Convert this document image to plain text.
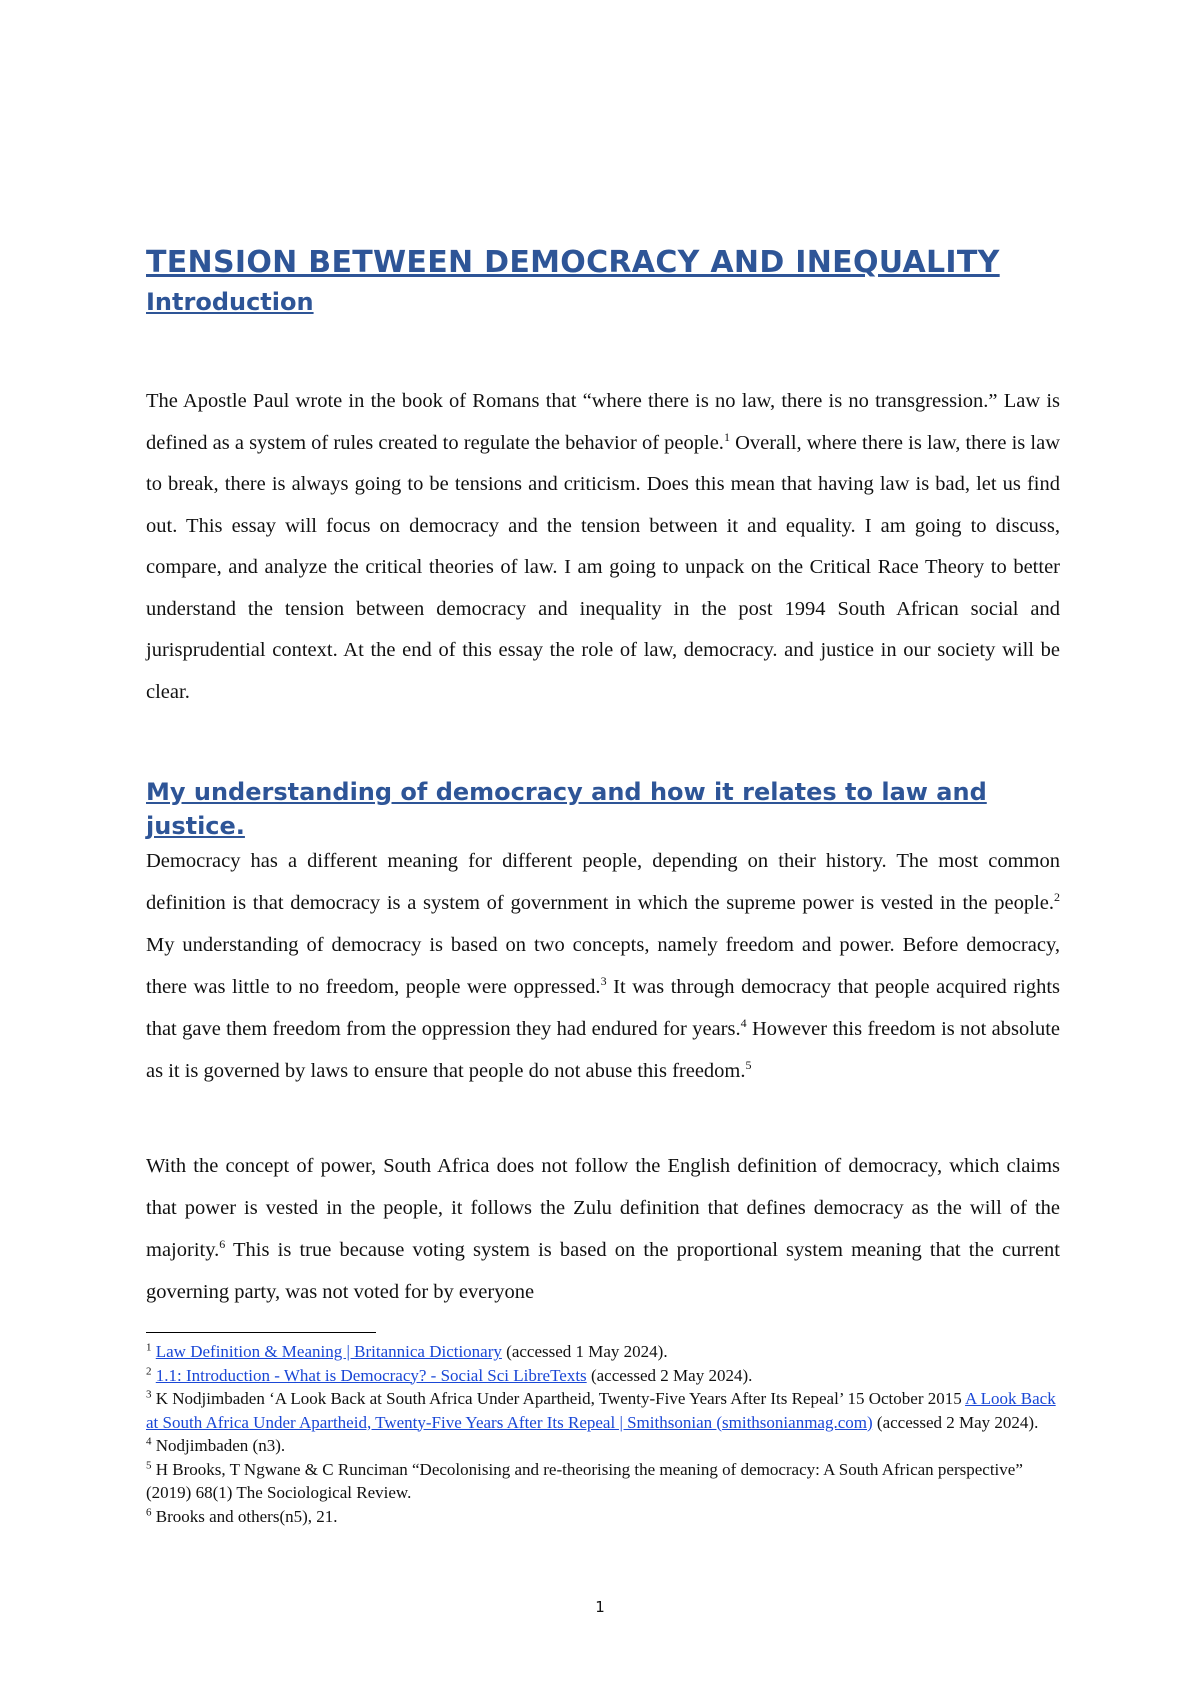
TENSION BETWEEN DEMOCRACY AND INEQUALITY
Introduction

The Apostle Paul wrote in the book of Romans that “where there is no law, there is no transgression.” Law is defined as a system of rules created to regulate the behavior of people.$^1$ Overall, where there is law, there is law to break, there is always going to be tensions and criticism. Does this mean that having law is bad, let us find out. This essay will focus on democracy and the tension between it and equality. I am going to discuss, compare, and analyze the critical theories of law. I am going to unpack on the Critical Race Theory to better understand the tension between democracy and inequality in the post 1994 South African social and jurisprudential context. At the end of this essay the role of law, democracy. and justice in our society will be clear.

My understanding of democracy and how it relates to law and justice.

Democracy has a different meaning for different people, depending on their history. The most common definition is that democracy is a system of government in which the supreme power is vested in the people.$^2$ My understanding of democracy is based on two concepts, namely freedom and power. Before democracy, there was little to no freedom, people were oppressed.$^3$ It was through democracy that people acquired rights that gave them freedom from the oppression they had endured for years.$^4$ However this freedom is not absolute as it is governed by laws to ensure that people do not abuse this freedom.$^5$

With the concept of power, South Africa does not follow the English definition of democracy, which claims that power is vested in the people, it follows the Zulu definition that defines democracy as the will of the majority.$^6$ This is true because voting system is based on the proportional system meaning that the current governing party, was not voted for by everyone

$^1$ Law Definition & Meaning | Britannica Dictionary (accessed 1 May 2024).

$^2$ 1.1: Introduction - What is Democracy? - Social Sci LibreTexts (accessed 2 May 2024).

$^3$ K Nodjimbaden ‘A Look Back at South Africa Under Apartheid, Twenty-Five Years After Its Repeal’ 15 October 2015 A Look Back at South Africa Under Apartheid, Twenty-Five Years After Its Repeal | Smithsonian (smithsonianmag.com) (accessed 2 May 2024).

$^4$ Nodjimbaden (n3).

$^5$ H Brooks, T Ngwane & C Runciman “Decolonising and re-theorising the meaning of democracy: A South African perspective” (2019) 68(1) The Sociological Review.

$^6$ Brooks and others(n5), 21.

1
